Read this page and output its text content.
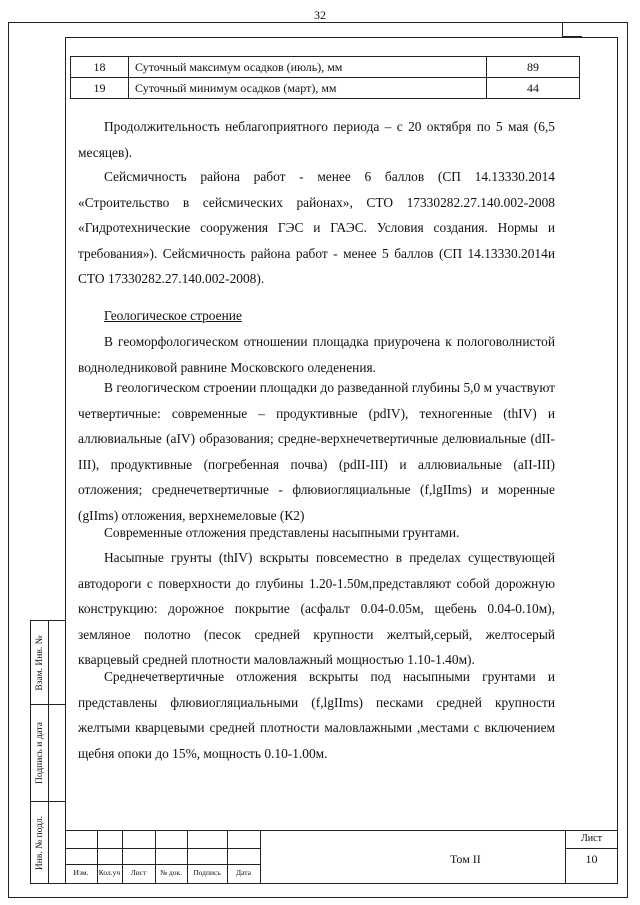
32
18	Суточный максимум осадков (июль), мм	89
19	Суточный минимум осадков (март), мм	44

Продолжительность неблагоприятного периода – с 20 октября по 5 мая (6,5 месяцев).

Сейсмичность района работ - менее 6 баллов (СП 14.13330.2014 «Строительство в сейсмических районах», СТО 17330282.27.140.002-2008 «Гидротехнические сооружения ГЭС и ГАЭС. Условия создания. Нормы и требования»). Сейсмичность района работ - менее 5 баллов (СП 14.13330.2014и СТО 17330282.27.140.002-2008).

Геологическое строение

В геоморфологическом отношении площадка приурочена к пологоволнистой водноледниковой равнине Московского оледенения.

В геологическом строении площадки до разведанной глубины 5,0 м участвуют четвертичные: современные – продуктивные (pdIV), техногенные (thIV) и аллювиальные (aIV) образования; средне-верхнечетвертичные делювиальные (dII-III), продуктивные (погребенная почва) (pdII-III) и аллювиальные (aII-III) отложения; среднечетвертичные - флювиогляциальные (f,lgIIms) и моренные (gIIms) отложения, верхнемеловые (К2)

Современные отложения представлены насыпными грунтами.

Насыпные грунты (thIV) вскрыты повсеместно в пределах существующей автодороги с поверхности до глубины 1.20-1.50м,представляют собой дорожную конструкцию: дорожное покрытие (асфальт 0.04-0.05м, щебень 0.04-0.10м), земляное полотно (песок средней крупности желтый,серый, желтосерый кварцевый средней плотности маловлажный мощностью 1.10-1.40м).

Среднечетвертичные отложения вскрыты под насыпными грунтами и представлены флювиогляциальными (f,lgIIms) песками средней крупности желтыми кварцевыми средней плотности маловлажными ,местами с включением щебня опоки до 15%, мощность 0.10-1.00м.

Взам. Инв. №
Подпись и дата
Инв. № подл.
Изм.	Кол.уч	Лист	№ док.	Подпись	Дата
Том II
Лист
10
